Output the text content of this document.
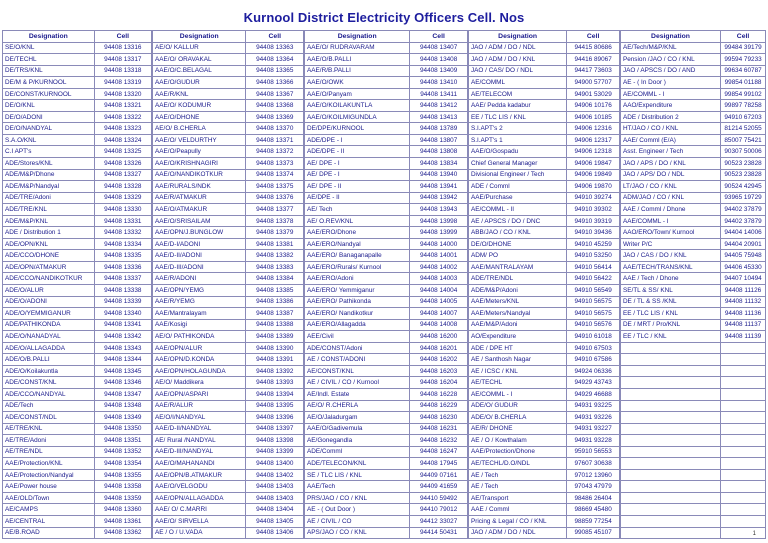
Kurnool District Electricity Officers Cell. Nos
Designation	Cell
SE/O/KNL	94408 13316
DE/TECHL	94408 13317
DE/TRS/KNL	94408 13318
DE/M & P/KURNOOL	94408 13319
DE/CONST/KURNOOL	94408 13320
DE/O/KNL	94408 13321
DE/O/ADONI	94408 13322
DE/O/NANDYAL	94408 13323
S.A.O/KNL	94408 13324
C.I APT's	94408 13325
ADE/Stores/KNL	94408 13326
ADE/M&P/Dhone	94408 13327
ADE/M&P/Nandyal	94408 13328
ADE/TRE/Adoni	94408 13329
ADE/TRE/KNL	94408 13330
ADE/M&P/KNL	94408 13331
ADE / Distribution 1	94408 13332
ADE/OPN/KNL	94408 13334
ADE/CCO/DHONE	94408 13335
ADE/OPN/ATMAKUR	94408 13336
ADE/CCO/NANDIKOTKUR	94408 13337
ADE/O/ALUR	94408 13338
ADE/O/ADONI	94408 13339
ADE/O/YEMMIGANUR	94408 13340
ADE/PATHIKONDA	94408 13341
ADE/O/NANADYAL	94408 13342
ADE/O/ALLAGADDA	94408 13343
ADE/O/B.PALLI	94408 13344
ADE/O/Koilakuntla	94408 13345
ADE/CONST/KNL	94408 13346
ADE/CCO/NANDYAL	94408 13347
ADE/Tech	94408 13348
ADE/CONST/NDL	94408 13349
AE/TRE/KNL	94408 13350
AE/TRE/Adoni	94408 13351
AE/TRE/NDL	94408 13352
AAE/Protection/KNL	94408 13354
AAE/Protection/Nandyal	94408 13355
AAE/Power house	94408 13358
AAE/OLD/Town	94408 13359
AE/CAMPS	94408 13360
AE/CENTRAL	94408 13361
AE/B.ROAD	94408 13362
Designation	Cell
AE/O/ KALLUR	94408 13363
AAE/O/ ORAVAKAL	94408 13364
AAE/O/C.BELAGAL	94408 13365
AAE/O/GUDUR	94408 13366
AAE/R/KNL	94408 13367
AAE/O/ KODUMUR	94408 13368
AAE/O/DHONE	94408 13369
AE/O/ B.CHERLA	94408 13370
AAE/O/ VELDURTHY	94408 13371
AAE/O/Peapully	94408 13372
AAE/O/KRISHNAGIRI	94408 13373
AAE/O/NANDIKOTKUR	94408 13374
AAE/RURALS/NDK	94408 13375
AAE/R/ATMAKUR	94408 13376
AAE/O/ATMAKUR	94408 13377
AAE/O/SRISAILAM	94408 13378
AAE/OPN/J.BUNGLOW	94408 13379
AAE/D-I/ADONI	94408 13381
AAE/D-II/ADONI	94408 13382
AAE/D-III/ADONI	94408 13383
AAE/R/ADONI	94408 13384
AAE/OPN/YEMG	94408 13385
AAE/R/YEMG	94408 13386
AAE/Mantralayam	94408 13387
AAE/Kosigi	94408 13388
AE/O/ PATHIKONDA	94408 13389
AAE/OPN/ALUR	94408 13390
AAE/OPN/D.KONDA	94408 13391
AAE/OPN/HOLAGUNDA	94408 13392
AE/O/ Maddikera	94408 13393
AAE/OPN/ASPARI	94408 13394
AAE/R/ALUR	94408 13395
AE/O/I/NANDYAL	94408 13396
AAE/D-II/NANDYAL	94408 13397
AE/ Rural /NANDYAL	94408 13398
AAE/D-III/NANDYAL	94408 13399
AAE/O/MAHANANDI	94408 13400
AAE/OPN/B.ATMAKUR	94408 13402
AAE/O/VELGODU	94408 13403
AAE/OPN/ALLAGADDA	94408 13403
AAE/ O/ C.MARRI	94408 13404
AAE/O/ SIRVELLA	94408 13405
AE / O / U.VADA	94408 13406
Designation	Cell
AAE/O/ RUDRAVARAM	94408 13407
AAE/O/B.PALLI	94408 13408
AAE/R/B.PALLI	94408 13409
AAE/O/OWK	94408 13410
AAE/O/Panyam	94408 13411
AAE/O/KOILAKUNTLA	94408 13412
AAE/O/KOILMIGUNDLA	94408 13413
DE/DPE/KURNOOL	94408 13789
ADE/DPE - I	94408 13807
ADE/DPE - II	94408 13808
AE/ DPE - I	94408 13834
AE/ DPE - I	94408 13940
AE/ DPE - II	94408 13941
AE/DPE - II	94408 13942
AE/ Tech	94408 13943
AE/ O.REV/KNL	94408 13998
AAE/ERO/Dhone	94408 13999
AAE/ERO/Nandyal	94408 14000
AAE/ERO/ Banaganapalle	94408 14001
AAE/ERO/Rurals/ Kurnool	94408 14002
AAE/ERO/Adoni	94408 14003
AAE/ERO/ Yemmiganur	94408 14004
AAE/ERO/ Pathikonda	94408 14005
AAE/ERO/ Nandikotkur	94408 14007
AAE/ERO/Allagadda	94408 14008
AEE/Civil	94408 16200
ADE/CONST/Adoni	94408 16201
AE / CONST/ADONI	94408 16202
AE/CONST/KNL	94408 16203
AE / CIVIL / CO / Kurnool	94408 16204
AE/Indl. Estate	94408 16228
AE/O/ R.CHERLA	94408 16229
AE/O/Jaladurgam	94408 16230
AAE/O/Gadivemula	94408 16231
AE/Gonegandla	94408 16232
ADE/Comml	94408 16247
ADE/TELECON/KNL	94408 17945
SE / TLC LIS / KNL	94409 07161
AAE/Tech	94409 41659
PRS/JAO / CO / KNL	94410 59492
AE - ( Out Door )	94410 79012
AE / CIVIL / CO	94412 33027
APS/JAO / CO / KNL	94414 50431
Designation	Cell
JAO / ADM / DO / NDL	94415 80686
JAO / ADM / DO / KNL	94416 89067
JAO / CAS/ DO / NDL	94417 73603
AE/COMML	94900 57707
AE/TELECOM	94901 53029
AAE/ Pedda kadabur	94906 10176
EE / TLC LIS / KNL	94906 10185
S.I.APT's 2	94906 12316
S.I.APT's 1	94906 12317
AAE/O/Gospadu	94906 12318
Chief General Manager	94906 19847
Divisional Engineer / Tech	94906 19849
ADE / Comml	94906 19870
AAE/Purchase	94910 39274
AE/COMML - II	94910 39302
AE / APSCS / DO / DNC	94910 39319
ABB/JAO / CO / KNL	94910 39436
DE/O/DHONE	94910 45259
ADM/ PO	94910 53250
AAE/MANTRALAYAM	94910 56414
ADE/TRE/NDL	94910 56422
ADE/M&P/Adoni	94910 56549
AAE/Meters/KNL	94910 56575
AAE/Meters/Nandyal	94910 56575
AAE/M&P/Adoni	94910 56576
AO/Expenditure	94910 61018
ADE / DPE HT	94910 67503
AE / Santhosh Nagar	94910 67586
AE / ICSC / KNL	94924 06336
AE/TECHL	94929 43743
AE/COMML - I	94929 46688
ADE/O/ GUDUR	94931 93225
ADE/O/ B.CHERLA	94931 93226
AE/R/ DHONE	94931 93227
AE / O / Kowthalam	94931 93228
AAE/Protection/Dhone	95910 56553
AE/TECHL/D.O/NDL	97607 30638
AE / Tech	97012 13960
AE / Tech	97043 47979
AE/Transport	98486 26404
AAE / Comml	98669 45480
Pricing & Legal / CO / KNL	98859 77254
JAO / ADM / DO / NDL	99085 45107
Designation	Cell
AE/Tech/M&P/KNL	99484 39179
Pension /JAO / CO / KNL	99594 79233
JAO / APSCS / DO / AND	99634 60787
AE - ( In Door )	99854 01188
AE/COMML - I	99854 99102
AAO/Expenditure	99897 78258
ADE / Distribution 2	94910 67203
HT/JAO / CO / KNL	81214 52055
AAE/ Comml (E/A)	85007 75421
Asst. Engineer / Tech	90307 50006
JAO / APS / DO / KNL	90523 23828
JAO / APS/ DO / NDL	90523 23828
LT/JAO / CO / KNL	90524 42945
ADM/JAO / CO / KNL	93965 19729
AAE / Comml / Dhone	94402 37879
AAE/COMML - I	94402 37879
AAO/ERO/Town/ Kurnool	94404 14006
Writer P/C	94404 20901
JAO / CAS / DO / KNL	94405 75948
AAE/TECH/TRANS/KNL	94406 45330
AAE / Tech / Dhone	94407 10494
SE/TL & SS/ KNL	94408 11126
DE / TL & SS /KNL	94408 11132
EE / TLC LIS / KNL	94408 11136
DE / MRT / Pro/KNL	94408 11137
EE / TLC / KNL	94408 11139

1
